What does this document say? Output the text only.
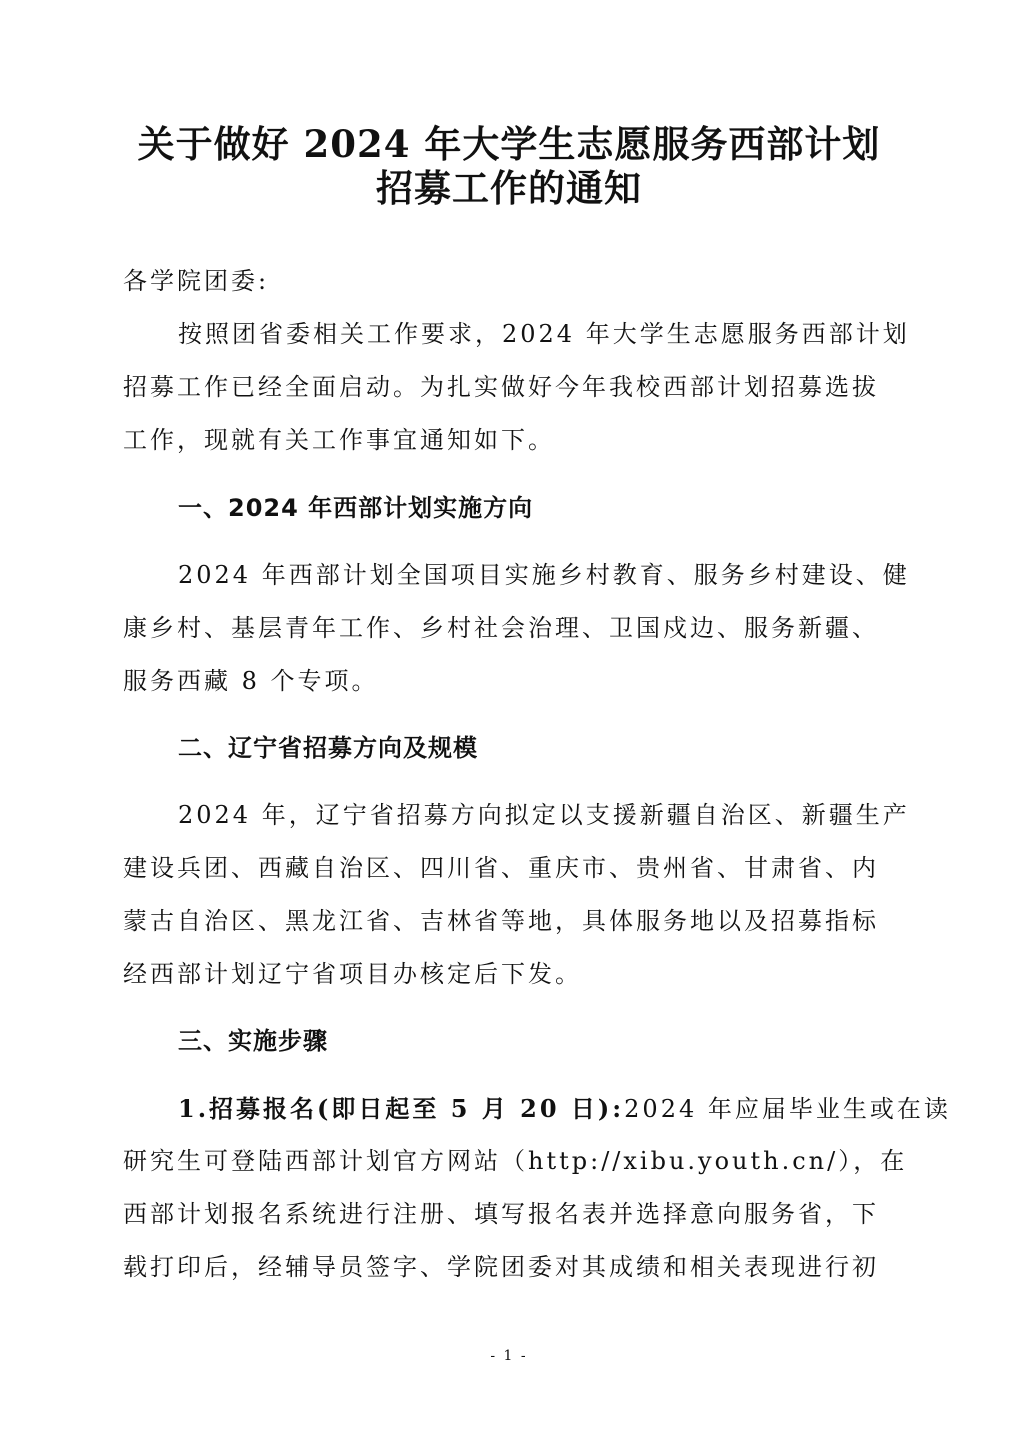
关于做好 2024 年大学生志愿服务西部计划
招募工作的通知
各学院团委:
按照团省委相关工作要求，2024 年大学生志愿服务西部计划
招募工作已经全面启动。为扎实做好今年我校西部计划招募选拔
工作，现就有关工作事宜通知如下。
一、2024 年西部计划实施方向
2024 年西部计划全国项目实施乡村教育、服务乡村建设、健
康乡村、基层青年工作、乡村社会治理、卫国戍边、服务新疆、
服务西藏 8 个专项。
二、辽宁省招募方向及规模
2024 年，辽宁省招募方向拟定以支援新疆自治区、新疆生产
建设兵团、西藏自治区、四川省、重庆市、贵州省、甘肃省、内
蒙古自治区、黑龙江省、吉林省等地，具体服务地以及招募指标
经西部计划辽宁省项目办核定后下发。
三、实施步骤
1.招募报名(即日起至 5 月 20 日):2024 年应届毕业生或在读
研究生可登陆西部计划官方网站（http://xibu.youth.cn/），在
西部计划报名系统进行注册、填写报名表并选择意向服务省，下
载打印后，经辅导员签字、学院团委对其成绩和相关表现进行初
- 1 -
